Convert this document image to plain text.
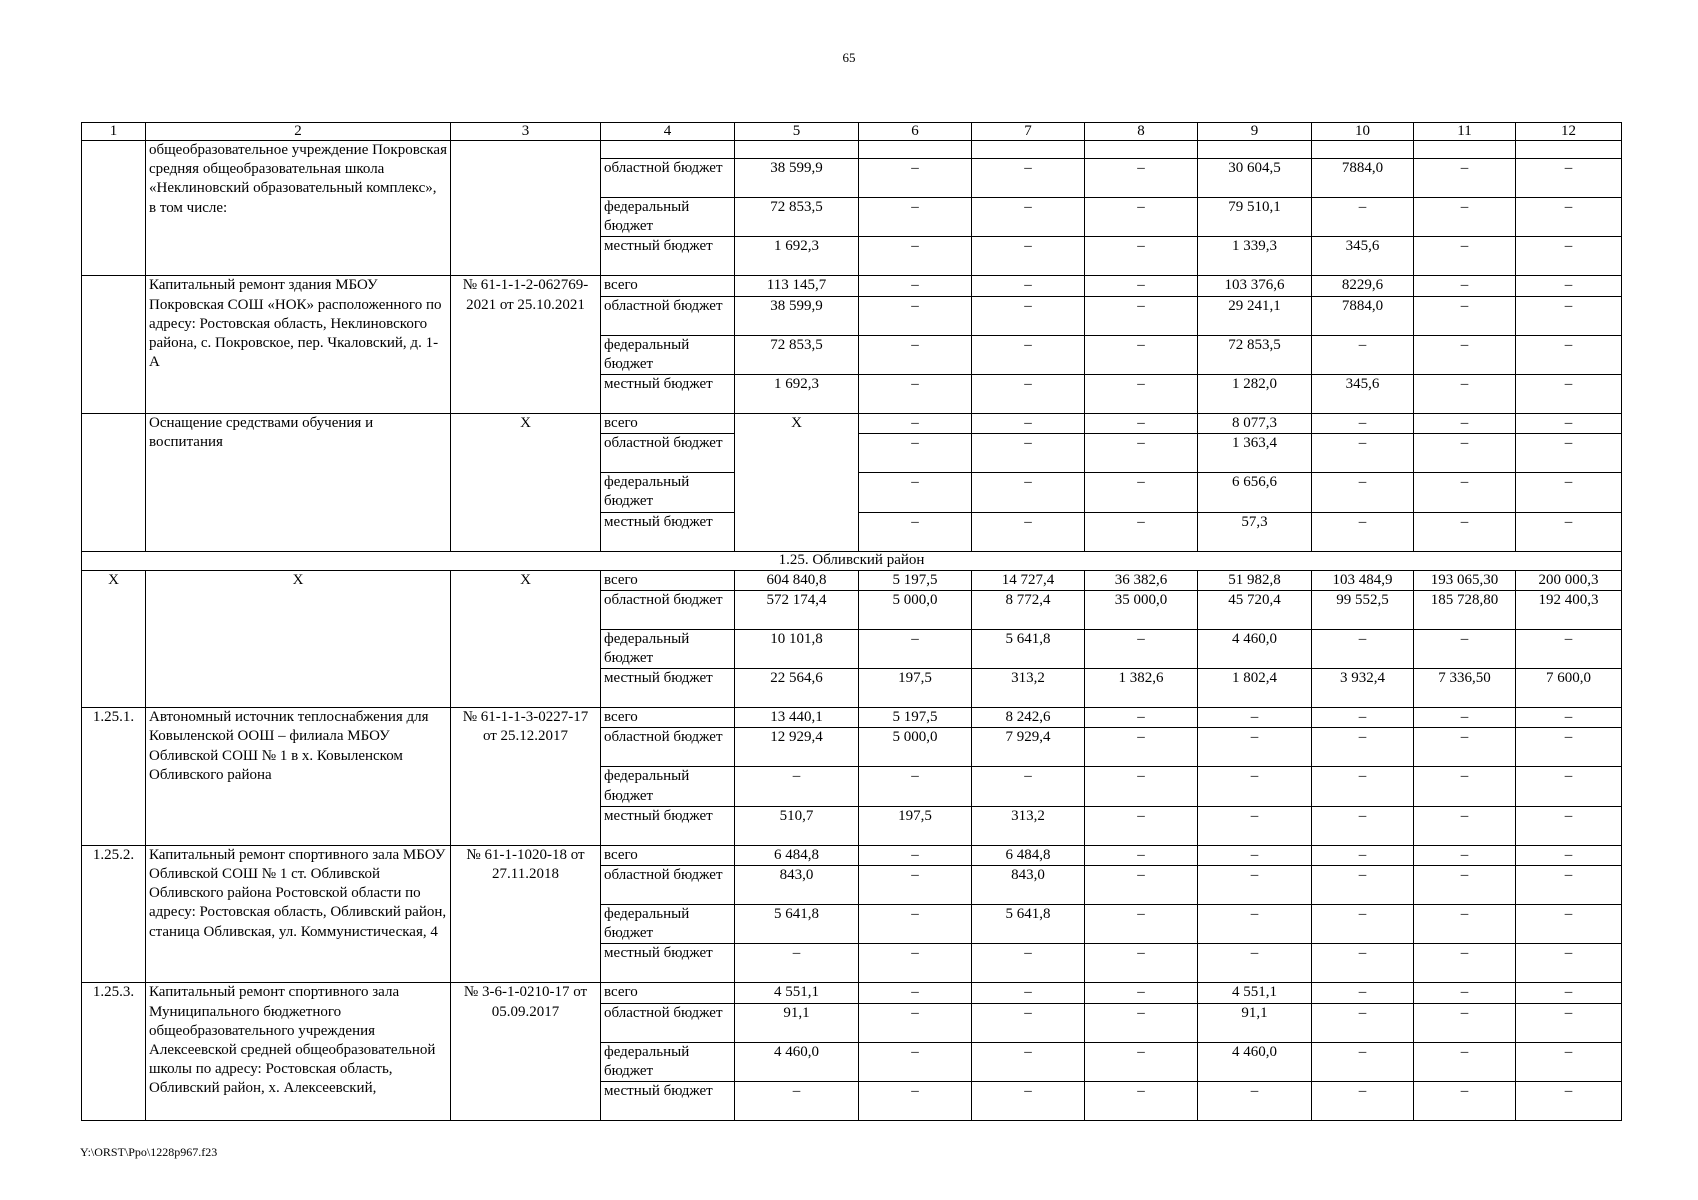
65
1	2	3	4	5	6	7	8	9	10	11	12
	общеобразовательное учреждение Покровская средняя общеобразовательная школа «Неклиновский образовательный комплекс», в том числе:										
			областной бюджет	38 599,9	–	–	–	30 604,5	7884,0	–	–
			федеральный бюджет	72 853,5	–	–	–	79 510,1	–	–	–
			местный бюджет	1 692,3	–	–	–	1 339,3	345,6	–	–
	Капитальный ремонт здания МБОУ Покровская СОШ «НОК» расположенного по адресу: Ростовская область, Неклиновского района, с. Покровское, пер. Чкаловский, д. 1-А	№ 61-1-1-2-062769-2021 от 25.10.2021	всего	113 145,7	–	–	–	103 376,6	8229,6	–	–
			областной бюджет	38 599,9	–	–	–	29 241,1	7884,0	–	–
			федеральный бюджет	72 853,5	–	–	–	72 853,5	–	–	–
			местный бюджет	1 692,3	–	–	–	1 282,0	345,6	–	–
	Оснащение средствами обучения и воспитания	Х	всего	Х	–	–	–	8 077,3	–	–	–
			областной бюджет		–	–	–	1 363,4	–	–	–
			федеральный бюджет		–	–	–	6 656,6	–	–	–
			местный бюджет		–	–	–	57,3	–	–	–
1.25. Обливский район											
Х	Х	Х	всего	604 840,8	5 197,5	14 727,4	36 382,6	51 982,8	103 484,9	193 065,30	200 000,3
			областной бюджет	572 174,4	5 000,0	8 772,4	35 000,0	45 720,4	99 552,5	185 728,80	192 400,3
			федеральный бюджет	10 101,8	–	5 641,8	–	4 460,0	–	–	–
			местный бюджет	22 564,6	197,5	313,2	1 382,6	1 802,4	3 932,4	7 336,50	7 600,0
1.25.1.	Автономный источник теплоснабжения для Ковыленской ООШ – филиала МБОУ Обливской СОШ № 1 в х. Ковыленском Обливского района	№ 61-1-1-3-0227-17 от 25.12.2017	всего	13 440,1	5 197,5	8 242,6	–	–	–	–	–
			областной бюджет	12 929,4	5 000,0	7 929,4	–	–	–	–	–
			федеральный бюджет	–	–	–	–	–	–	–	–
			местный бюджет	510,7	197,5	313,2	–	–	–	–	–
1.25.2.	Капитальный ремонт спортивного зала МБОУ Обливской СОШ № 1 ст. Обливской Обливского района Ростовской области по адресу: Ростовская область, Обливский район, станица Обливская, ул. Коммунистическая, 4	№ 61-1-1020-18 от 27.11.2018	всего	6 484,8	–	6 484,8	–	–	–	–	–
			областной бюджет	843,0	–	843,0	–	–	–	–	–
			федеральный бюджет	5 641,8	–	5 641,8	–	–	–	–	–
			местный бюджет	–	–	–	–	–	–	–	–
1.25.3.	Капитальный ремонт спортивного зала Муниципального бюджетного общеобразовательного учреждения Алексеевской средней общеобразовательной школы по адресу: Ростовская область, Обливский район, х. Алексеевский,	№ 3-6-1-0210-17 от 05.09.2017	всего	4 551,1	–	–	–	4 551,1	–	–	–
			областной бюджет	91,1	–	–	–	91,1	–	–	–
			федеральный бюджет	4 460,0	–	–	–	4 460,0	–	–	–
			местный бюджет	–	–	–	–	–	–	–	–
Y:\ORST\Ppo\1228p967.f23
